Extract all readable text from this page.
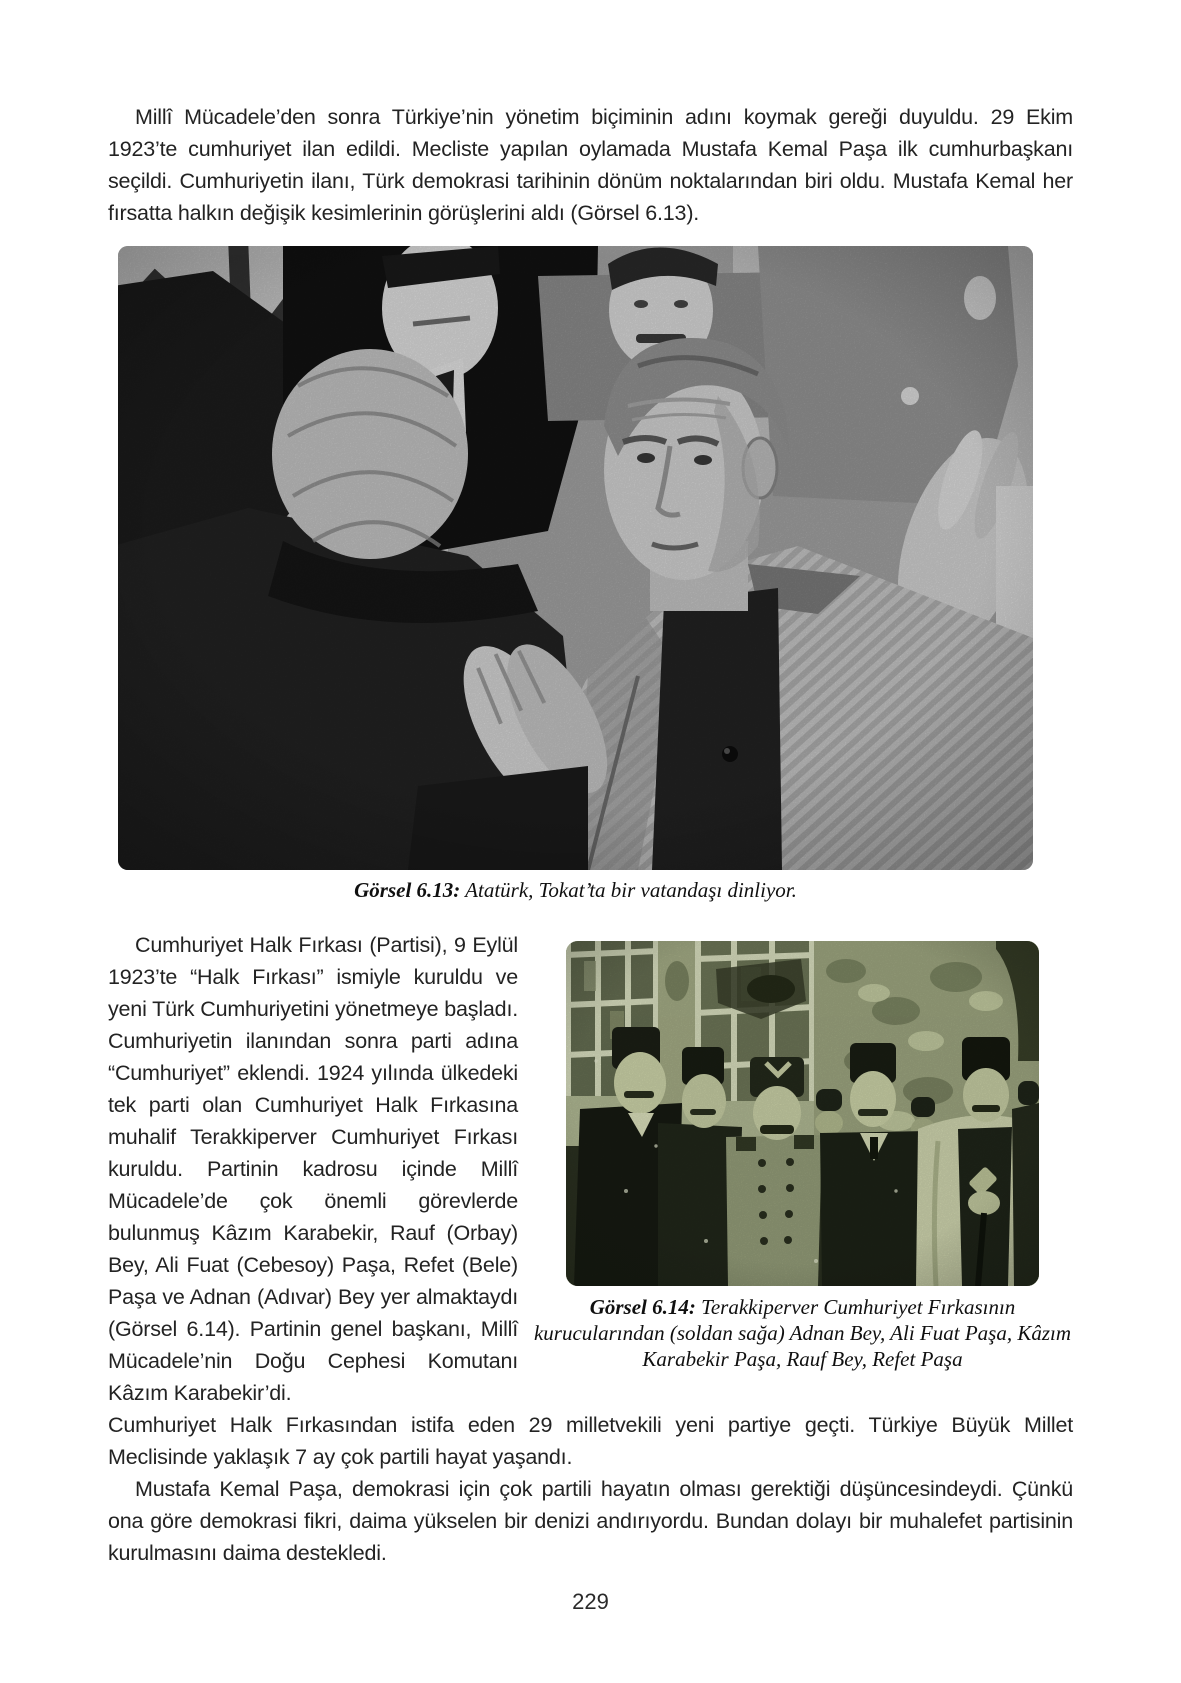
Millî Mücadele’den sonra Türkiye’nin yönetim biçiminin adını koymak gereği duyuldu. 29 Ekim 1923’te cumhuriyet ilan edildi. Mecliste yapılan oylamada Mustafa Kemal Paşa ilk cumhurbaşkanı seçildi. Cumhuriyetin ilanı, Türk demokrasi tarihinin dönüm noktalarından biri oldu. Mustafa Kemal her fırsatta halkın değişik kesimlerinin görüşlerini aldı (Görsel 6.13).

Görsel 6.13: Atatürk, Tokat’ta bir vatandaşı dinliyor.

Cumhuriyet Halk Fırkası (Partisi), 9 Eylül 1923’te “Halk Fırkası” ismiyle kuruldu ve yeni Türk Cumhuriyetini yönetmeye başladı. Cumhuriyetin ilanından sonra parti adına “Cumhuriyet” eklendi. 1924 yılında ülkedeki tek parti olan Cumhuriyet Halk Fırkasına muhalif Terakkiperver Cumhuriyet Fırkası kuruldu. Partinin kadrosu içinde Millî Mücadele’de çok önemli görevlerde bulunmuş Kâzım Karabekir, Rauf (Orbay) Bey, Ali Fuat (Cebesoy) Paşa, Refet (Bele) Paşa ve Adnan (Adıvar) Bey yer almaktaydı (Görsel 6.14). Partinin genel başkanı, Millî Mücadele’nin Doğu Cephesi Komutanı Kâzım Karabekir’di.

Görsel 6.14: Terakkiperver Cumhuriyet Fırkasının kurucularından (soldan sağa) Adnan Bey, Ali Fuat Paşa, Kâzım Karabekir Paşa, Rauf Bey, Refet Paşa

Cumhuriyet Halk Fırkasından istifa eden 29 milletvekili yeni partiye geçti. Türkiye Büyük Millet Meclisinde yaklaşık 7 ay çok partili hayat yaşandı.

Mustafa Kemal Paşa, demokrasi için çok partili hayatın olması gerektiği düşüncesindeydi. Çünkü ona göre demokrasi fikri, daima yükselen bir denizi andırıyordu. Bundan dolayı bir muhalefet partisinin kurulmasını daima destekledi.

229
